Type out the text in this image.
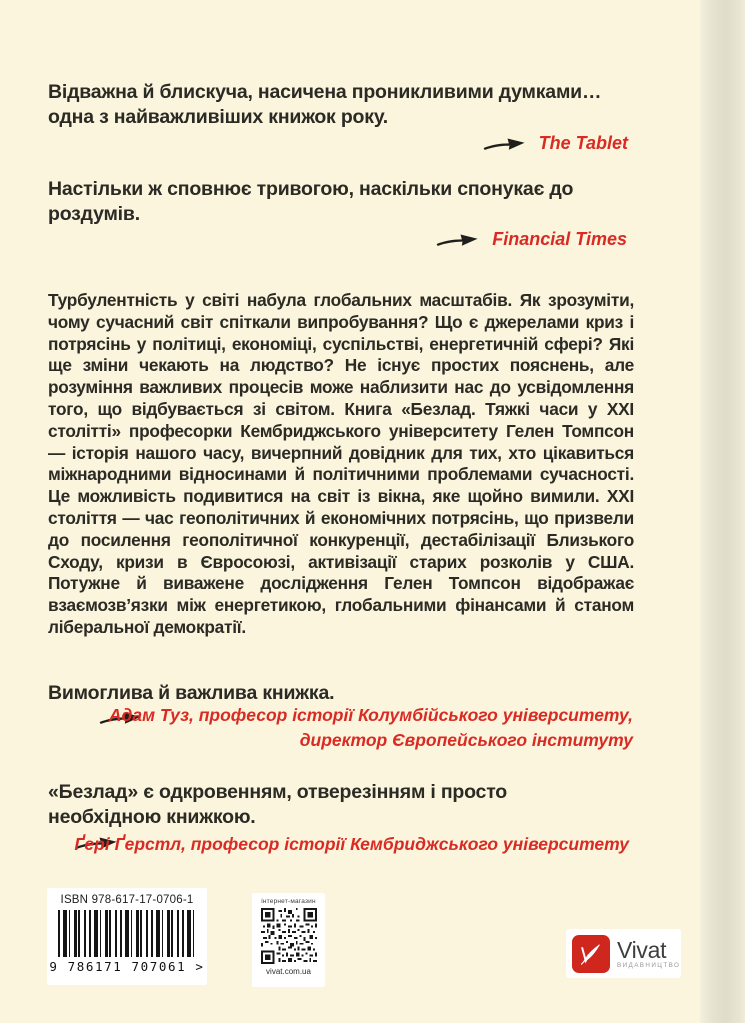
Відважна й блискуча, насичена проникливими думками… одна з найважливіших книжок року.
The Tablet
Настільки ж сповнює тривогою, наскільки спонукає до роздумів.
Financial Times
Турбулентність у світі набула глобальних масштабів. Як зрозуміти, чому сучасний світ спіткали випробування? Що є джерелами криз і потрясінь у політиці, економіці, суспільстві, енергетичній сфері? Які ще зміни чекають на людство? Не існує простих пояснень, але розуміння важливих процесів може наблизити нас до усвідомлення того, що відбувається зі світом. Книга «Безлад. Тяжкі часи у XXI столітті» професорки Кембриджського університету Гелен Томпсон — історія нашого часу, вичерпний довідник для тих, хто цікавиться міжнародними відносинами й політичними проблемами сучасності. Це можливість подивитися на світ із вікна, яке щойно вимили. XXI століття — час геополітичних й економічних потрясінь, що призвели до посилення геополітичної конкуренції, дестабілізації Близького Сходу, кризи в Євросоюзі, активізації старих розколів у США. Потужне й виважене дослідження Гелен Томпсон відображає взаємозв’язки між енергетикою, глобальними фінансами й станом ліберальної демократії.
Вимоглива й важлива книжка.
Адам Туз, професор історії Колумбійського університету,
директор Європейського інституту
«Безлад» є одкровенням, отверезінням і просто необхідною книжкою.
Ґері Ґерстл, професор історії Кембриджського університету
ISBN 978-617-17-0706-1
9 786171 707061 >
інтернет-магазин
vivat.com.ua
Vivat
ВИДАВНИЦТВО
